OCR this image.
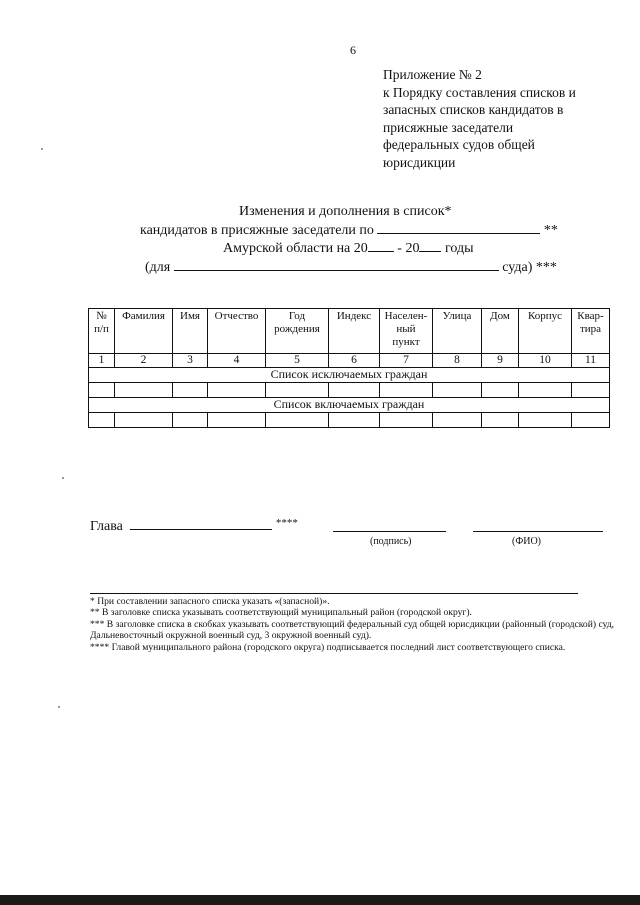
6
Приложение № 2
к Порядку составления списков и
запасных списков кандидатов в
присяжные заседатели
федеральных судов общей
юрисдикции
Изменения и дополнения в список*
кандидатов в присяжные заседатели по	**
Амурской области на 20 - 20 годы
(для	суда) ***
№ п/п	Фамилия	Имя	Отчество	Год рождения	Индекс	Населен-ный пункт	Улица	Дом	Корпус	Квар-тира
1	2	3	4	5	6	7	8	9	10	11
Список исключаемых граждан										

Список включаемых граждан										

Глава	****
(подпись)	(ФИО)

* При составлении запасного списка указать «(запасной)».

** В заголовке списка указывать соответствующий муниципальный район (городской округ).

*** В заголовке списка в скобках указывать соответствующий федеральный суд общей юрисдикции (районный (городской) суд, Дальневосточный окружной военный суд, 3 окружной военный суд).

**** Главой муниципального района (городского округа) подписывается последний лист соответствующего списка.
